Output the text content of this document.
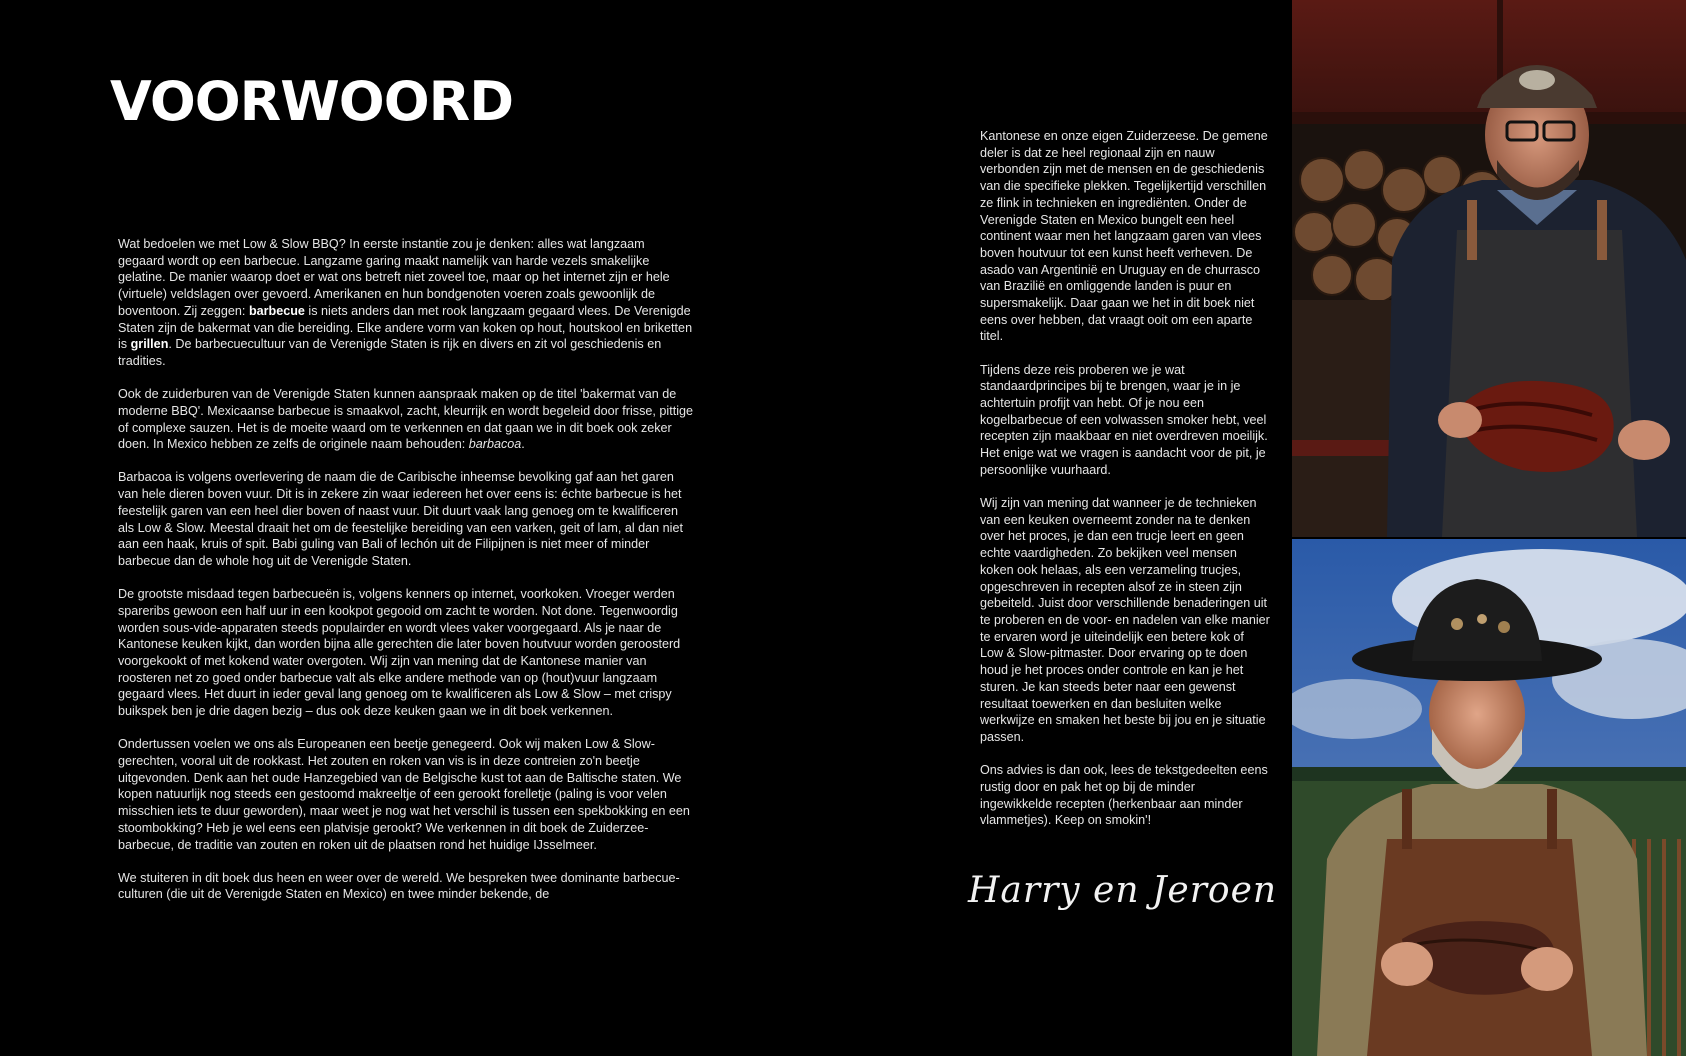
VOORWOORD

Wat bedoelen we met Low & Slow BBQ? In eerste instantie zou je denken: alles wat langzaam gegaard wordt op een barbecue. Langzame garing maakt namelijk van harde vezels smakelijke gelatine. De manier waarop doet er wat ons betreft niet zoveel toe, maar op het internet zijn er hele (virtuele) veldslagen over gevoerd. Amerikanen en hun bondgenoten voeren zoals gewoonlijk de boventoon. Zij zeggen: barbecue is niets anders dan met rook langzaam gegaard vlees. De Verenigde Staten zijn de bakermat van die bereiding. Elke andere vorm van koken op hout, houtskool en briketten is grillen. De barbecuecultuur van de Verenigde Staten is rijk en divers en zit vol geschiedenis en tradities.

Ook de zuiderburen van de Verenigde Staten kunnen aanspraak maken op de titel 'bakermat van de moderne BBQ'. Mexicaanse barbecue is smaakvol, zacht, kleurrijk en wordt begeleid door frisse, pittige of complexe sauzen. Het is de moeite waard om te verkennen en dat gaan we in dit boek ook zeker doen. In Mexico hebben ze zelfs de originele naam behouden: barbacoa.

Barbacoa is volgens overlevering de naam die de Caribische inheemse bevolking gaf aan het garen van hele dieren boven vuur. Dit is in zekere zin waar iedereen het over eens is: échte barbecue is het feestelijk garen van een heel dier boven of naast vuur. Dit duurt vaak lang genoeg om te kwalificeren als Low & Slow. Meestal draait het om de feestelijke bereiding van een varken, geit of lam, al dan niet aan een haak, kruis of spit. Babi guling van Bali of lechón uit de Filipijnen is niet meer of minder barbecue dan de whole hog uit de Verenigde Staten.

De grootste misdaad tegen barbecueën is, volgens kenners op internet, voorkoken. Vroeger werden spareribs gewoon een half uur in een kookpot gegooid om zacht te worden. Not done. Tegenwoordig worden sous-vide-apparaten steeds populairder en wordt vlees vaker voorgegaard. Als je naar de Kantonese keuken kijkt, dan worden bijna alle gerechten die later boven houtvuur worden geroosterd voorgekookt of met kokend water overgoten. Wij zijn van mening dat de Kantonese manier van roosteren net zo goed onder barbecue valt als elke andere methode van op (hout)vuur langzaam gegaard vlees. Het duurt in ieder geval lang genoeg om te kwalificeren als Low & Slow – met crispy buikspek ben je drie dagen bezig – dus ook deze keuken gaan we in dit boek verkennen.

Ondertussen voelen we ons als Europeanen een beetje genegeerd. Ook wij maken Low & Slow-gerechten, vooral uit de rookkast. Het zouten en roken van vis is in deze contreien zo'n beetje uitgevonden. Denk aan het oude Hanzegebied van de Belgische kust tot aan de Baltische staten. We kopen natuurlijk nog steeds een gestoomd makreeltje of een gerookt forelletje (paling is voor velen misschien iets te duur geworden), maar weet je nog wat het verschil is tussen een spekbokking en een stoombokking? Heb je wel eens een platvisje gerookt? We verkennen in dit boek de Zuiderzee-barbecue, de traditie van zouten en roken uit de plaatsen rond het huidige IJsselmeer.

We stuiteren in dit boek dus heen en weer over de wereld. We bespreken twee dominante barbecue-culturen (die uit de Verenigde Staten en Mexico) en twee minder bekende, de

Kantonese en onze eigen Zuiderzeese. De gemene deler is dat ze heel regionaal zijn en nauw verbonden zijn met de mensen en de geschiedenis van die specifieke plekken. Tegelijkertijd verschillen ze flink in technieken en ingrediënten. Onder de Verenigde Staten en Mexico bungelt een heel continent waar men het langzaam garen van vlees boven houtvuur tot een kunst heeft verheven. De asado van Argentinië en Uruguay en de churrasco van Brazilië en omliggende landen is puur en supersmakelijk. Daar gaan we het in dit boek niet eens over hebben, dat vraagt ooit om een aparte titel.

Tijdens deze reis proberen we je wat standaardprincipes bij te brengen, waar je in je achtertuin profijt van hebt. Of je nou een kogelbarbecue of een volwassen smoker hebt, veel recepten zijn maakbaar en niet overdreven moeilijk. Het enige wat we vragen is aandacht voor de pit, je persoonlijke vuurhaard.

Wij zijn van mening dat wanneer je de technieken van een keuken overneemt zonder na te denken over het proces, je dan een trucje leert en geen echte vaardigheden. Zo bekijken veel mensen koken ook helaas, als een verzameling trucjes, opgeschreven in recepten alsof ze in steen zijn gebeiteld. Juist door verschillende benaderingen uit te proberen en de voor- en nadelen van elke manier te ervaren word je uiteindelijk een betere kok of Low & Slow-pitmaster. Door ervaring op te doen houd je het proces onder controle en kan je het sturen. Je kan steeds beter naar een gewenst resultaat toewerken en dan besluiten welke werkwijze en smaken het beste bij jou en je situatie passen.

Ons advies is dan ook, lees de tekstgedeelten eens rustig door en pak het op bij de minder ingewikkelde recepten (herkenbaar aan minder vlammetjes). Keep on smokin'!

Harry en Jeroen
